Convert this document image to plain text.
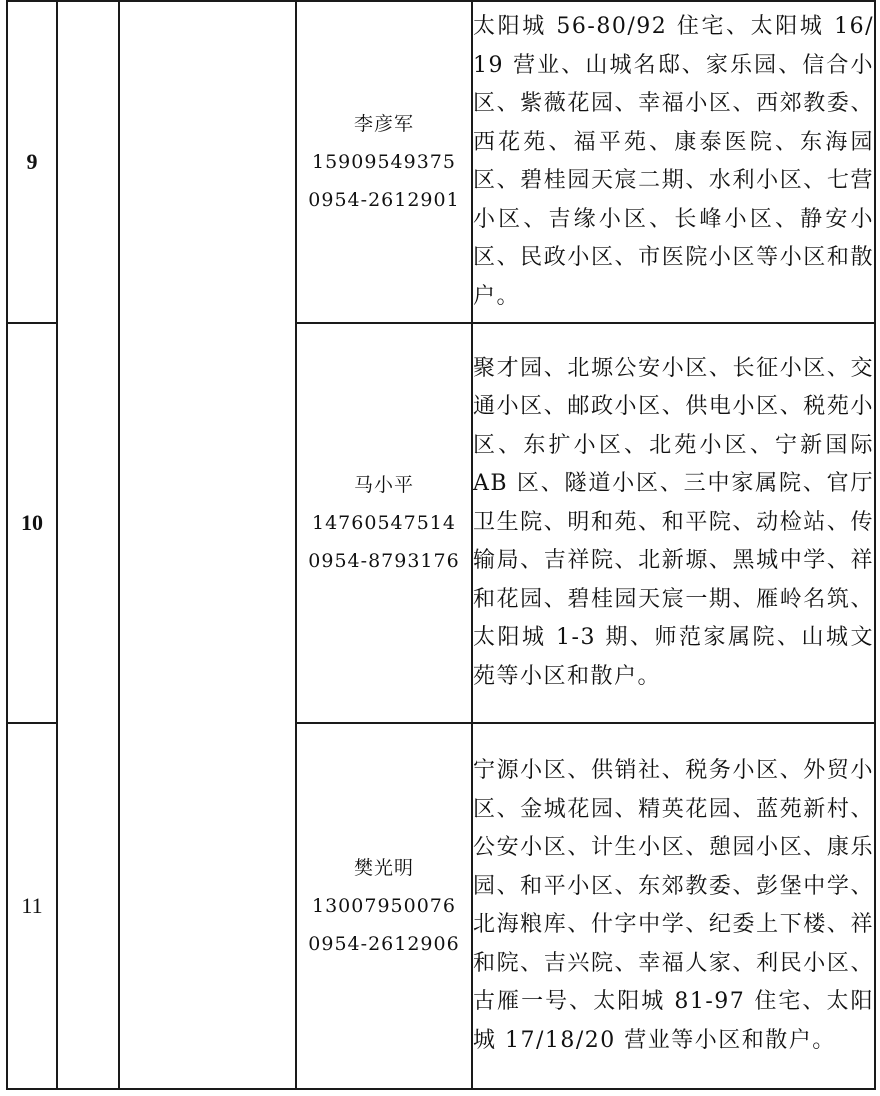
9			李彦军
15909549375
0954-2612901	太阳城 56-80/92 住宅、太阳城 16/19 营业、山城名邸、家乐园、信合小区、紫薇花园、幸福小区、西郊教委、西花苑、福平苑、康泰医院、东海园区、碧桂园天宸二期、水利小区、七营小区、吉缘小区、长峰小区、静安小区、民政小区、市医院小区等小区和散户。
10			马小平
14760547514
0954-8793176	聚才园、北塬公安小区、长征小区、交通小区、邮政小区、供电小区、税苑小区、东扩小区、北苑小区、宁新国际 AB 区、隧道小区、三中家属院、官厅卫生院、明和苑、和平院、动检站、传输局、吉祥院、北新塬、黑城中学、祥和花园、碧桂园天宸一期、雁岭名筑、太阳城 1-3 期、师范家属院、山城文苑等小区和散户。
11			樊光明
13007950076
0954-2612906	宁源小区、供销社、税务小区、外贸小区、金城花园、精英花园、蓝苑新村、公安小区、计生小区、憩园小区、康乐园、和平小区、东郊教委、彭堡中学、北海粮库、什字中学、纪委上下楼、祥和院、吉兴院、幸福人家、利民小区、古雁一号、太阳城 81-97 住宅、太阳城 17/18/20 营业等小区和散户。
